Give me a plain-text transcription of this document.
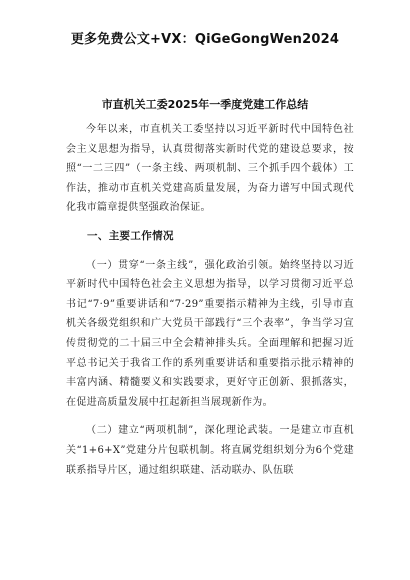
更多免费公文+VX：QiGeGongWen2024
市直机关工委2025年一季度党建工作总结

今年以来，市直机关工委坚持以习近平新时代中国特色社会主义思想为指导，认真贯彻落实新时代党的建设总要求，按照“一二三四”（一条主线、两项机制、三个抓手四个载体）工作法，推动市直机关党建高质量发展，为奋力谱写中国式现代化我市篇章提供坚强政治保证。

一、主要工作情况

（一）贯穿“一条主线”，强化政治引领。始终坚持以习近平新时代中国特色社会主义思想为指导，以学习贯彻习近平总书记“7·9”重要讲话和“7·29”重要指示精神为主线，引导市直机关各级党组织和广大党员干部践行“三个表率”，争当学习宣传贯彻党的二十届三中全会精神排头兵。全面理解和把握习近平总书记关于我省工作的系列重要讲话和重要指示批示精神的丰富内涵、精髓要义和实践要求，更好守正创新、狠抓落实，在促进高质量发展中扛起新担当展现新作为。

（二）建立“两项机制”，深化理论武装。一是建立市直机关“1+6+X”党建分片包联机制。将直属党组织划分为6个党建联系指导片区，通过组织联建、活动联办、队伍联
